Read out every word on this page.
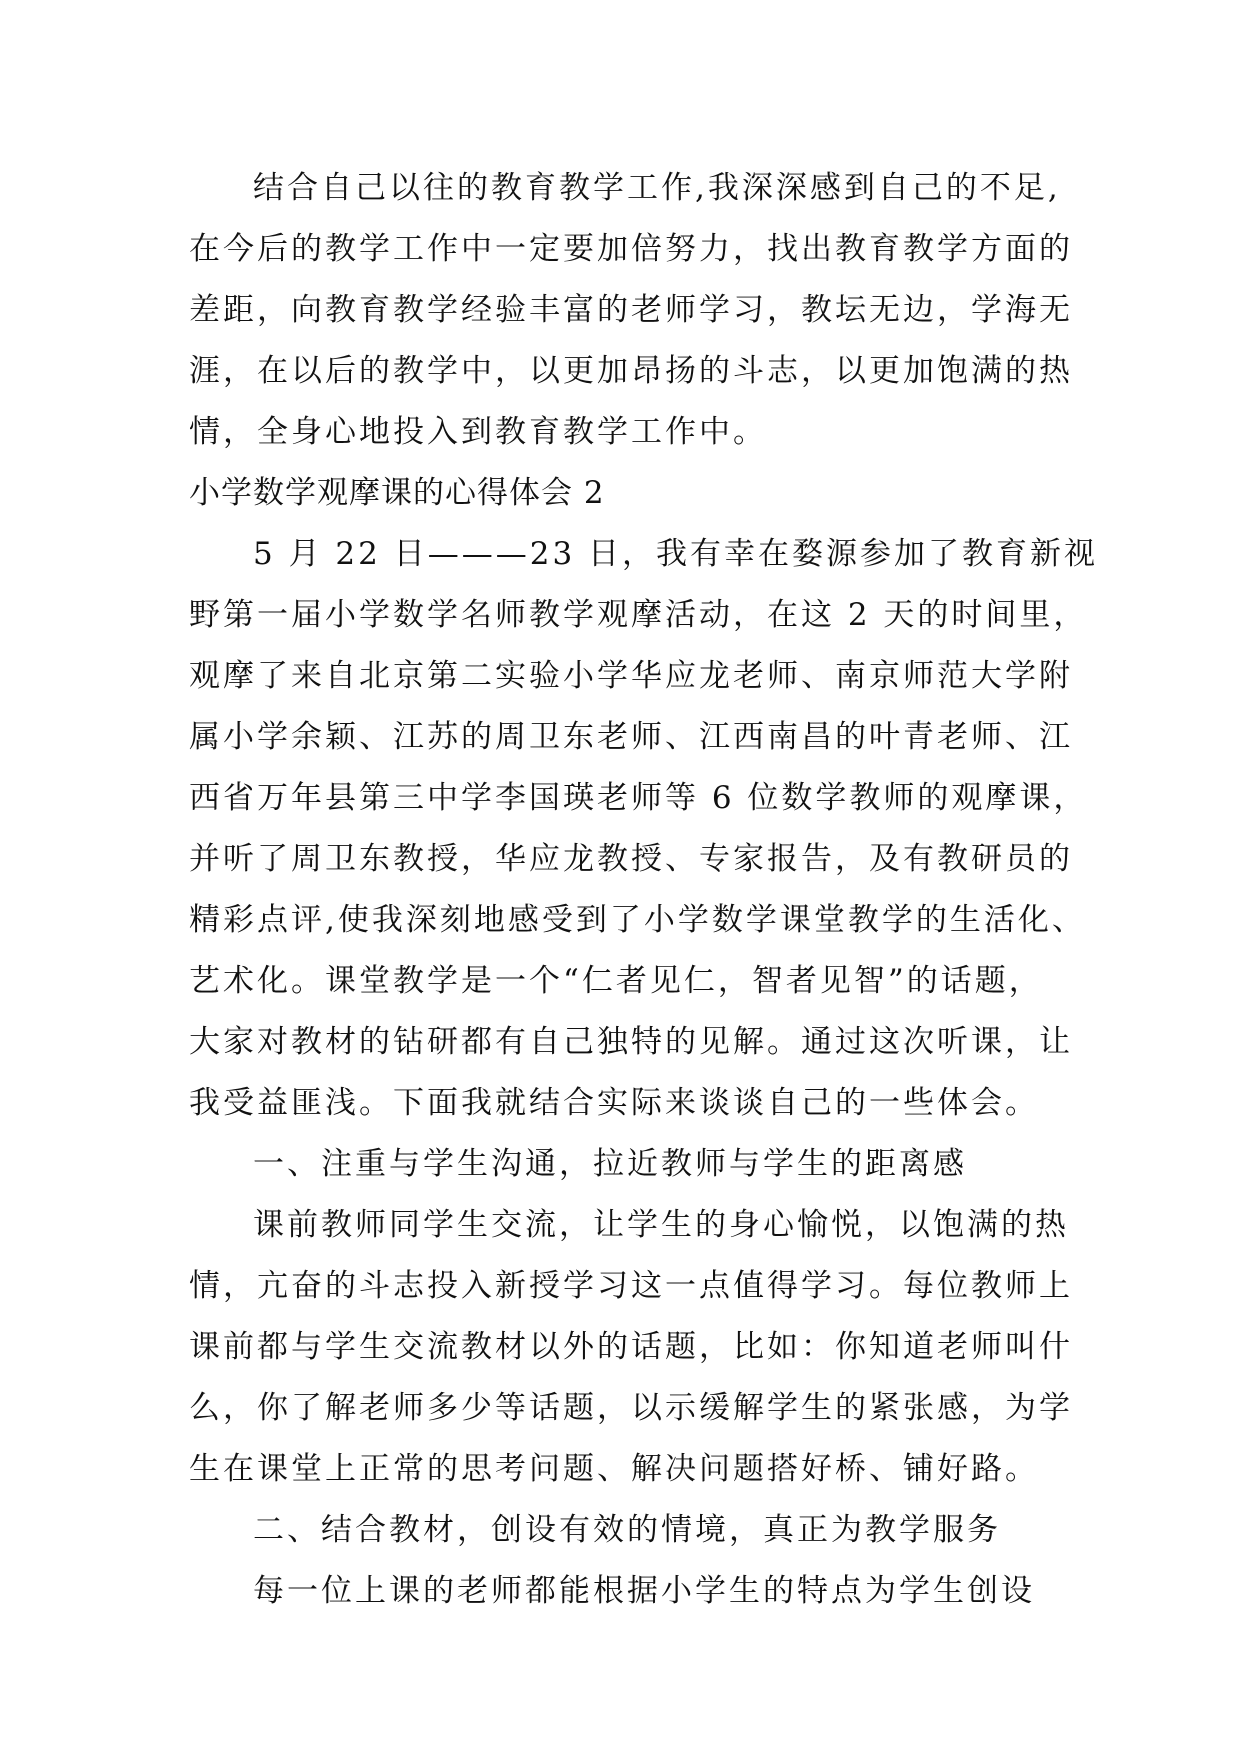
结合自己以往的教育教学工作,我深深感到自己的不足,
在今后的教学工作中一定要加倍努力，找出教育教学方面的
差距，向教育教学经验丰富的老师学习，教坛无边，学海无
涯，在以后的教学中，以更加昂扬的斗志，以更加饱满的热
情，全身心地投入到教育教学工作中。
小学数学观摩课的心得体会 2
5 月 22 日———23 日，我有幸在婺源参加了教育新视
野第一届小学数学名师教学观摩活动，在这 2 天的时间里，
观摩了来自北京第二实验小学华应龙老师、南京师范大学附
属小学余颖、江苏的周卫东老师、江西南昌的叶青老师、江
西省万年县第三中学李国瑛老师等 6 位数学教师的观摩课，
并听了周卫东教授，华应龙教授、专家报告，及有教研员的
精彩点评,使我深刻地感受到了小学数学课堂教学的生活化、
艺术化。课堂教学是一个“仁者见仁，智者见智”的话题，
大家对教材的钻研都有自己独特的见解。通过这次听课，让
我受益匪浅。下面我就结合实际来谈谈自己的一些体会。
一、注重与学生沟通，拉近教师与学生的距离感
课前教师同学生交流，让学生的身心愉悦，以饱满的热
情，亢奋的斗志投入新授学习这一点值得学习。每位教师上
课前都与学生交流教材以外的话题，比如：你知道老师叫什
么，你了解老师多少等话题，以示缓解学生的紧张感，为学
生在课堂上正常的思考问题、解决问题搭好桥、铺好路。
二、结合教材，创设有效的情境，真正为教学服务
每一位上课的老师都能根据小学生的特点为学生创设
